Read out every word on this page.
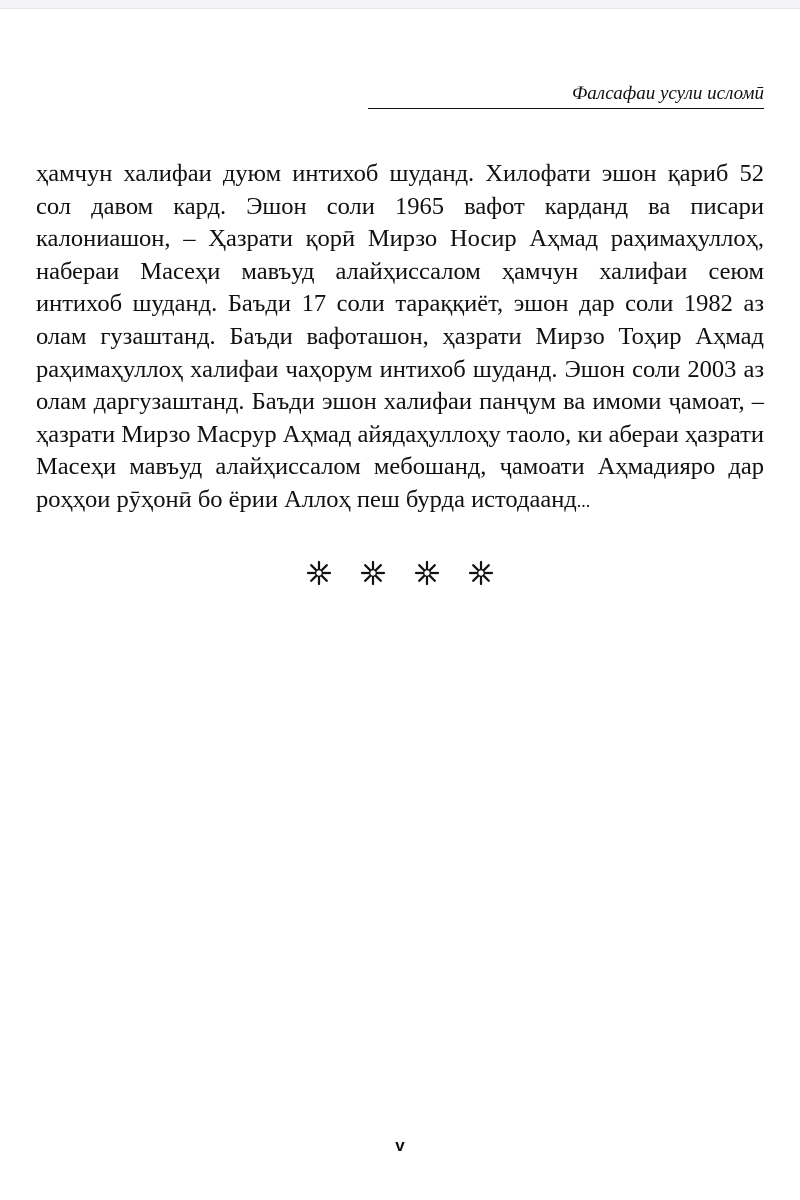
Фалсафаи усули исломӣ

ҳамчун халифаи дуюм интихоб шуданд. Хилофати эшон қариб 52 сол давом кард. Эшон соли 1965 вафот карданд ва писари калониашон, – Ҳазрати қорӣ Мирзо Носир Аҳмад раҳимаҳуллоҳ, набераи Масеҳи мавъуд алайҳиссалом ҳамчун халифаи сеюм интихоб шуданд. Баъди 17 соли тараққиёт, эшон дар соли 1982 аз олам гузаштанд. Баъди вафоташон, ҳазрати Мирзо Тоҳир Аҳмад раҳимаҳуллоҳ халифаи чаҳорум интихоб шуданд. Эшон соли 2003 аз олам даргузаштанд. Баъди эшон халифаи панҷум ва имоми ҷамоат, – ҳазрати Мирзо Масрур Аҳмад айядаҳуллоҳу таоло, ки абераи ҳазрати Масеҳи мавъуд алайҳиссалом мебошанд, ҷамоати Аҳмадияро дар роҳҳои рӯҳонӣ бо ёрии Аллоҳ пеш бурда истодаанд...

v
